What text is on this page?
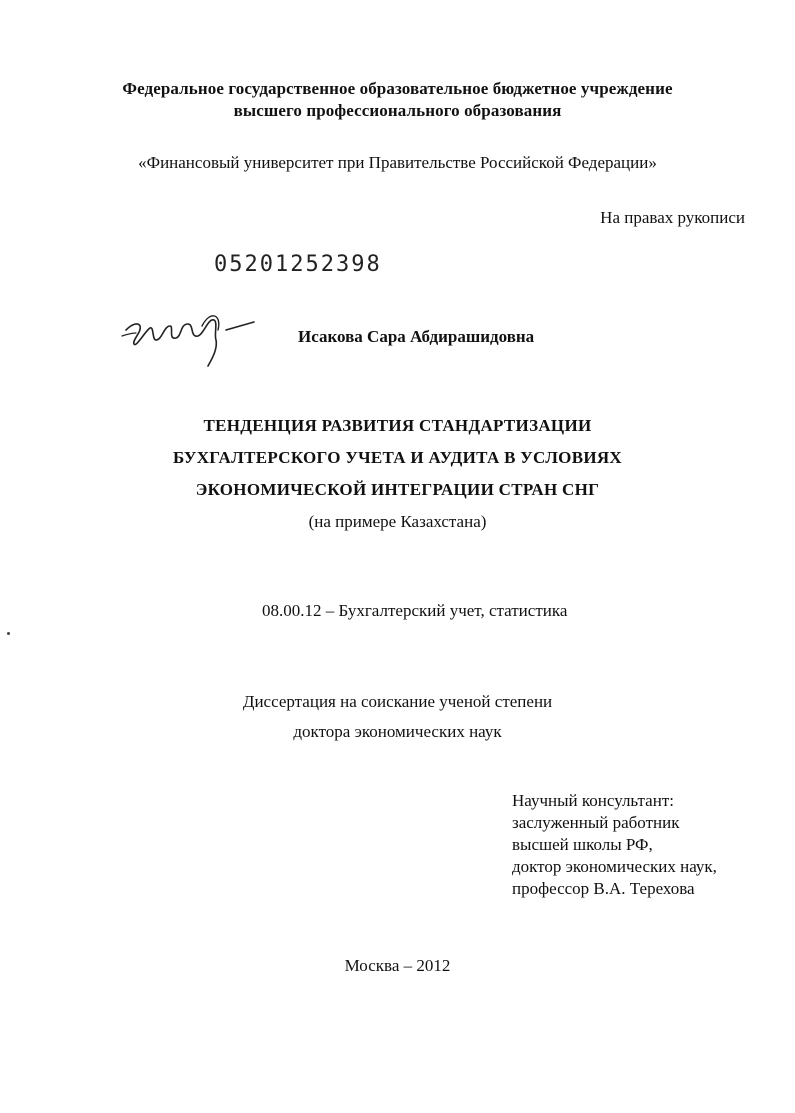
Федеральное государственное образовательное бюджетное учреждение
высшего профессионального образования
«Финансовый университет при Правительстве Российской Федерации»
На правах рукописи
05201252398
Исакова Сара Абдирашидовна
ТЕНДЕНЦИЯ РАЗВИТИЯ СТАНДАРТИЗАЦИИ
БУХГАЛТЕРСКОГО УЧЕТА И АУДИТА В УСЛОВИЯХ
ЭКОНОМИЧЕСКОЙ ИНТЕГРАЦИИ СТРАН СНГ
(на примере Казахстана)
08.00.12 – Бухгалтерский учет, статистика
Диссертация на соискание ученой степени
доктора экономических наук
Научный консультант:
заслуженный работник
высшей школы РФ,
доктор экономических наук,
профессор В.А. Терехова
Москва – 2012
